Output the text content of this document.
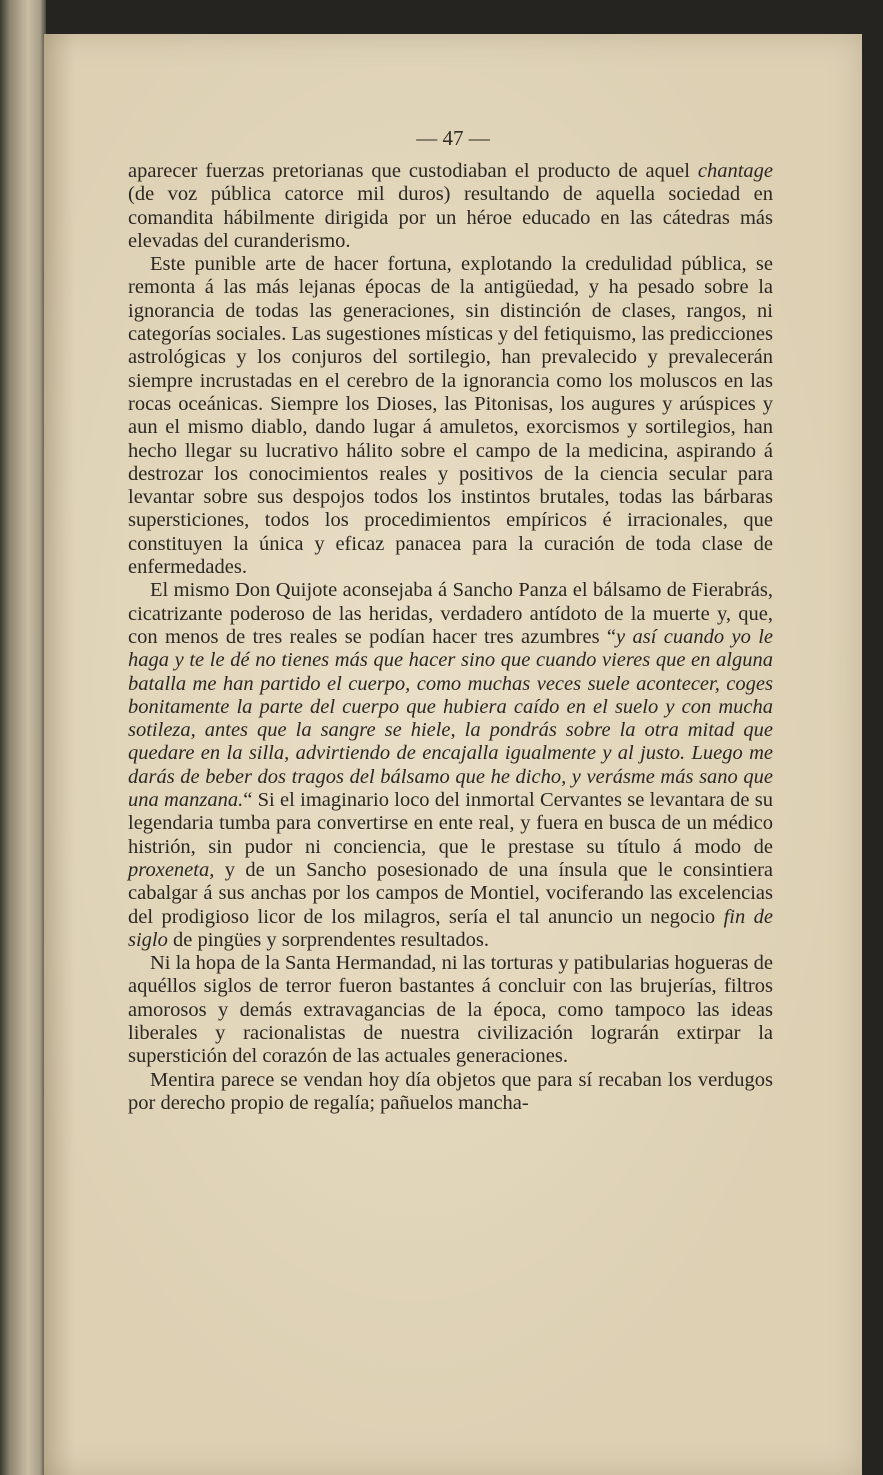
— 47 —

aparecer fuerzas pretorianas que custodiaban el producto de aquel chantage (de voz pública catorce mil duros) resultando de aquella sociedad en comandita hábilmente dirigida por un héroe educado en las cátedras más elevadas del curanderismo.

Este punible arte de hacer fortuna, explotando la credulidad pública, se remonta á las más lejanas épocas de la antigüedad, y ha pesado sobre la ignorancia de todas las generaciones, sin distinción de clases, rangos, ni categorías sociales. Las sugestiones místicas y del fetiquismo, las predicciones astrológicas y los conjuros del sortilegio, han prevalecido y prevalecerán siempre incrustadas en el cerebro de la ignorancia como los moluscos en las rocas oceánicas. Siempre los Dioses, las Pitonisas, los augures y arúspices y aun el mismo diablo, dando lugar á amuletos, exorcismos y sortilegios, han hecho llegar su lucrativo hálito sobre el campo de la medicina, aspirando á destrozar los conocimientos reales y positivos de la ciencia secular para levantar sobre sus despojos todos los instintos brutales, todas las bárbaras supersticiones, todos los procedimientos empíricos é irracionales, que constituyen la única y eficaz panacea para la curación de toda clase de enfermedades.

El mismo Don Quijote aconsejaba á Sancho Panza el bálsamo de Fierabrás, cicatrizante poderoso de las heridas, verdadero antídoto de la muerte y, que, con menos de tres reales se podían hacer tres azumbres “y así cuando yo le haga y te le dé no tienes más que hacer sino que cuando vieres que en alguna batalla me han partido el cuerpo, como muchas veces suele acontecer, coges bonitamente la parte del cuerpo que hubiera caído en el suelo y con mucha sotileza, antes que la sangre se hiele, la pondrás sobre la otra mitad que quedare en la silla, advirtiendo de encajalla igualmente y al justo. Luego me darás de beber dos tragos del bálsamo que he dicho, y verásme más sano que una manzana.“ Si el imaginario loco del inmortal Cervantes se levantara de su legendaria tumba para convertirse en ente real, y fuera en busca de un médico histrión, sin pudor ni conciencia, que le prestase su título á modo de proxeneta, y de un Sancho posesionado de una ínsula que le consintiera cabalgar á sus anchas por los campos de Montiel, vociferando las excelencias del prodigioso licor de los milagros, sería el tal anuncio un negocio fin de siglo de pingües y sorprendentes resultados.

Ni la hopa de la Santa Hermandad, ni las torturas y patibularias hogueras de aquéllos siglos de terror fueron bastantes á concluir con las brujerías, filtros amorosos y demás extravagancias de la época, como tampoco las ideas liberales y racionalistas de nuestra civilización lograrán extirpar la superstición del corazón de las actuales generaciones.

Mentira parece se vendan hoy día objetos que para sí recaban los verdugos por derecho propio de regalía; pañuelos mancha-
